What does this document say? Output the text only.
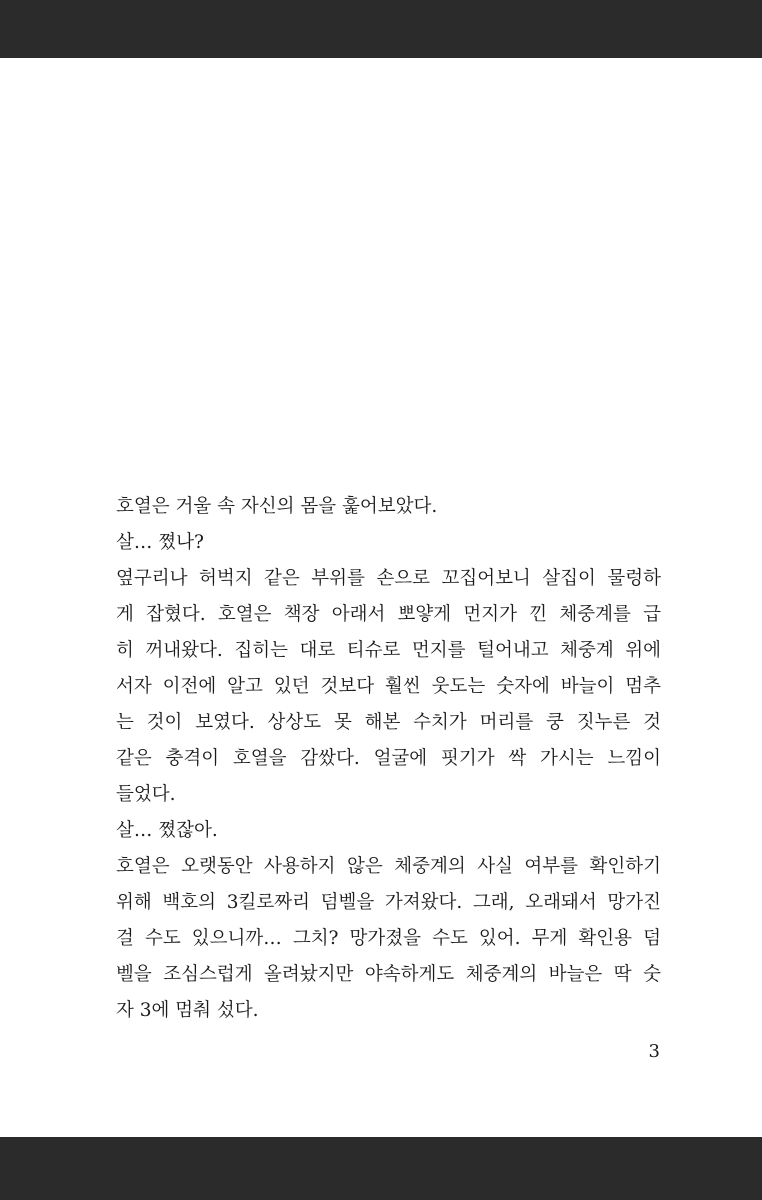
호열은 거울 속 자신의 몸을 훑어보았다.
살… 쪘나?
옆구리나 허벅지 같은 부위를 손으로 꼬집어보니 살집이 물렁하
게 잡혔다. 호열은 책장 아래서 뽀얗게 먼지가 낀 체중계를 급
히 꺼내왔다. 집히는 대로 티슈로 먼지를 털어내고 체중계 위에
서자 이전에 알고 있던 것보다 훨씬 웃도는 숫자에 바늘이 멈추
는 것이 보였다. 상상도 못 해본 수치가 머리를 쿵 짓누른 것
같은 충격이 호열을 감쌌다. 얼굴에 핏기가 싹 가시는 느낌이
들었다.
살… 쪘잖아.
호열은 오랫동안 사용하지 않은 체중계의 사실 여부를 확인하기
위해 백호의 3킬로짜리 덤벨을 가져왔다. 그래, 오래돼서 망가진
걸 수도 있으니까… 그치? 망가졌을 수도 있어. 무게 확인용 덤
벨을 조심스럽게 올려놨지만 야속하게도 체중계의 바늘은 딱 숫
자 3에 멈춰 섰다.
3
